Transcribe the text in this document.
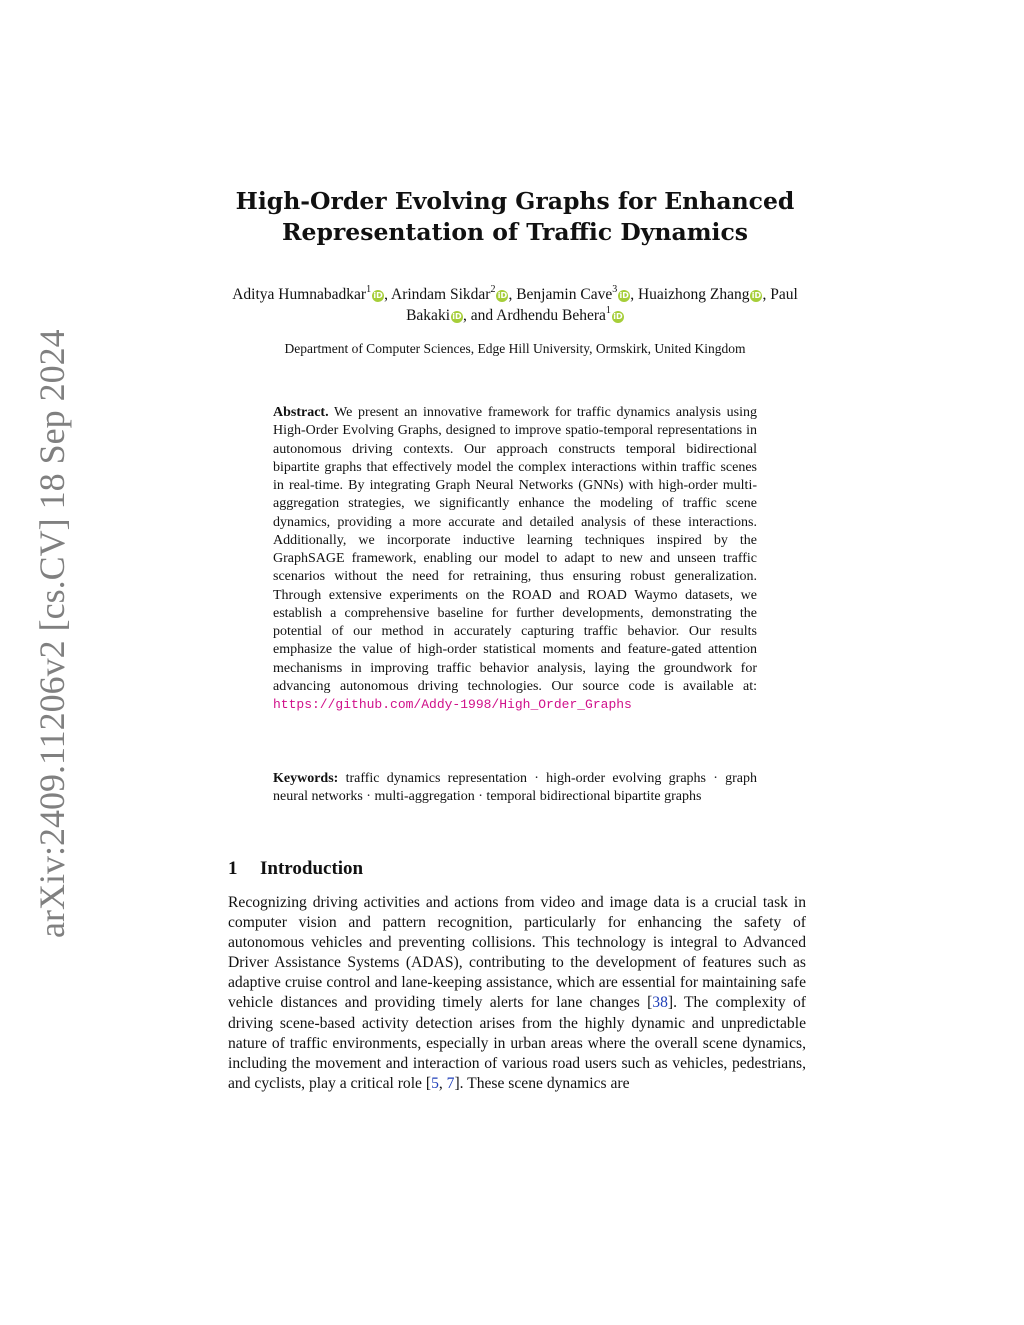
arXiv:2409.11206v2 [cs.CV] 18 Sep 2024
High-Order Evolving Graphs for Enhanced
Representation of Traffic Dynamics
Aditya Humnabadkar$^1$iD, Arindam Sikdar$^2$iD, Benjamin Cave$^3$iD, Huaizhong Zhang iD, Paul Bakaki iD, and Ardhendu Behera$^1$iD
Department of Computer Sciences, Edge Hill University, Ormskirk, United Kingdom
Abstract. We present an innovative framework for traffic dynamics analysis using High-Order Evolving Graphs, designed to improve spatio-temporal representations in autonomous driving contexts. Our approach constructs temporal bidirectional bipartite graphs that effectively model the complex interactions within traffic scenes in real-time. By integrating Graph Neural Networks (GNNs) with high-order multi-aggregation strategies, we significantly enhance the modeling of traffic scene dynamics, providing a more accurate and detailed analysis of these interactions. Additionally, we incorporate inductive learning techniques inspired by the GraphSAGE framework, enabling our model to adapt to new and unseen traffic scenarios without the need for retraining, thus ensuring robust generalization. Through extensive experiments on the ROAD and ROAD Waymo datasets, we establish a comprehensive baseline for further developments, demonstrating the potential of our method in accurately capturing traffic behavior. Our results emphasize the value of high-order statistical moments and feature-gated attention mechanisms in improving traffic behavior analysis, laying the groundwork for advancing autonomous driving technologies. Our source code is available at: https://github.com/Addy-1998/High_Order_Graphs
Keywords: traffic dynamics representation · high-order evolving graphs · graph neural networks · multi-aggregation · temporal bidirectional bipartite graphs
1 Introduction
Recognizing driving activities and actions from video and image data is a crucial task in computer vision and pattern recognition, particularly for enhancing the safety of autonomous vehicles and preventing collisions. This technology is integral to Advanced Driver Assistance Systems (ADAS), contributing to the development of features such as adaptive cruise control and lane-keeping assistance, which are essential for maintaining safe vehicle distances and providing timely alerts for lane changes [38]. The complexity of driving scene-based activity detection arises from the highly dynamic and unpredictable nature of traffic environments, especially in urban areas where the overall scene dynamics, including the movement and interaction of various road users such as vehicles, pedestrians, and cyclists, play a critical role [5, 7]. These scene dynamics are
